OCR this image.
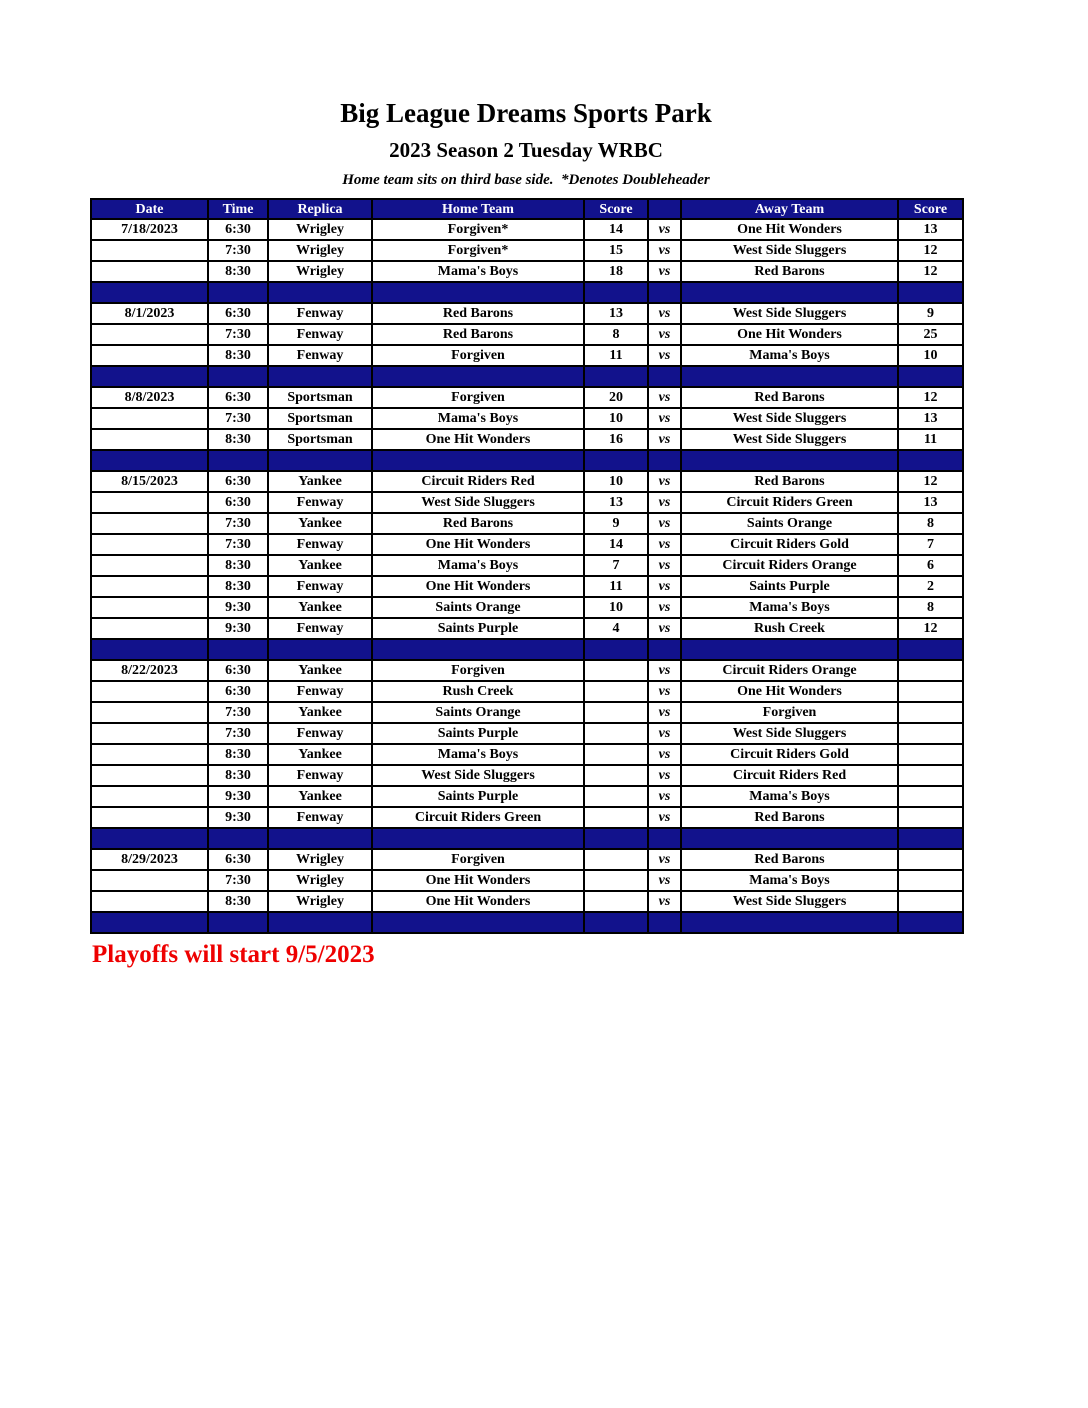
Big League Dreams Sports Park
2023 Season 2 Tuesday WRBC
Home team sits on third base side.  *Denotes Doubleheader
Date	Time	Replica	Home Team	Score		Away Team	Score
7/18/2023	6:30	Wrigley	Forgiven*	14	vs	One Hit Wonders	13
	7:30	Wrigley	Forgiven*	15	vs	West Side Sluggers	12
	8:30	Wrigley	Mama's Boys	18	vs	Red Barons	12

8/1/2023	6:30	Fenway	Red Barons	13	vs	West Side Sluggers	9
	7:30	Fenway	Red Barons	8	vs	One Hit Wonders	25
	8:30	Fenway	Forgiven	11	vs	Mama's Boys	10

8/8/2023	6:30	Sportsman	Forgiven	20	vs	Red Barons	12
	7:30	Sportsman	Mama's Boys	10	vs	West Side Sluggers	13
	8:30	Sportsman	One Hit Wonders	16	vs	West Side Sluggers	11

8/15/2023	6:30	Yankee	Circuit Riders Red	10	vs	Red Barons	12
	6:30	Fenway	West Side Sluggers	13	vs	Circuit Riders Green	13
	7:30	Yankee	Red Barons	9	vs	Saints Orange	8
	7:30	Fenway	One Hit Wonders	14	vs	Circuit Riders Gold	7
	8:30	Yankee	Mama's Boys	7	vs	Circuit Riders Orange	6
	8:30	Fenway	One Hit Wonders	11	vs	Saints Purple	2
	9:30	Yankee	Saints Orange	10	vs	Mama's Boys	8
	9:30	Fenway	Saints Purple	4	vs	Rush Creek	12

8/22/2023	6:30	Yankee	Forgiven		vs	Circuit Riders Orange	
	6:30	Fenway	Rush Creek		vs	One Hit Wonders	
	7:30	Yankee	Saints Orange		vs	Forgiven	
	7:30	Fenway	Saints Purple		vs	West Side Sluggers	
	8:30	Yankee	Mama's Boys		vs	Circuit Riders Gold	
	8:30	Fenway	West Side Sluggers		vs	Circuit Riders Red	
	9:30	Yankee	Saints Purple		vs	Mama's Boys	
	9:30	Fenway	Circuit Riders Green		vs	Red Barons	

8/29/2023	6:30	Wrigley	Forgiven		vs	Red Barons	
	7:30	Wrigley	One Hit Wonders		vs	Mama's Boys	
	8:30	Wrigley	One Hit Wonders		vs	West Side Sluggers	

Playoffs will start 9/5/2023
